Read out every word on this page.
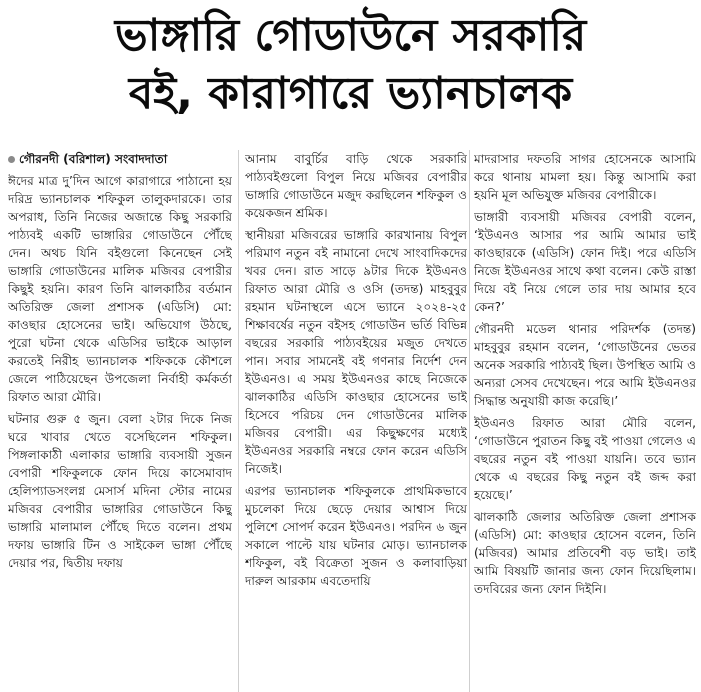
ভাঙ্গারি গোডাউনে সরকারি
বই, কারাগারে ভ্যানচালক

গৌরনদী (বরিশাল) সংবাদদাতা

ঈদের মাত্র দু’দিন আগে কারাগারে পাঠানো হয় দরিদ্র ভ্যানচালক শফিকুল তালুকদারকে। তার অপরাধ, তিনি নিজের অজান্তে কিছু সরকারি পাঠ্যবই একটি ভাঙ্গারির গোডাউনে পৌঁছে দেন। অথচ যিনি বইগুলো কিনেছেন সেই ভাঙ্গারি গোডাউনের মালিক মজিবর বেপারীর কিছুই হয়নি। কারণ তিনি ঝালকাঠির বর্তমান অতিরিক্ত জেলা প্রশাসক (এডিসি) মো: কাওছার হোসেনের ভাই। অভিযোগ উঠছে, পুরো ঘটনা থেকে এডিসির ভাইকে আড়াল করতেই নিরীহ ভ্যানচালক শফিককে কৌশলে জেলে পাঠিয়েছেন উপজেলা নির্বাহী কর্মকর্তা রিফাত আরা মৌরি।

ঘটনার গুরু ৫ জুন। বেলা ২টার দিকে নিজ ঘরে খাবার খেতে বসেছিলেন শফিকুল। পিঙ্গলাকাঠী এলাকার ভাঙ্গারি ব্যবসায়ী সুজন বেপারী শফিকুলকে ফোন দিয়ে কাসেমাবাদ হেলিপ্যাডসংলগ্ন মেসার্স মদিনা স্টোর নামের মজিবর বেপারীর ভাঙ্গারির গোডাউনে কিছু ভাঙ্গারি মালামাল পৌঁছে দিতে বলেন। প্রথম দফায় ভাঙ্গারি টিন ও সাইকেল ভাঙ্গা পৌঁছে দেয়ার পর, দ্বিতীয় দফায়

আনাম বাবুর্চির বাড়ি থেকে সরকারি পাঠ্যবইগুলো বিপুল নিয়ে মজিবর বেপারীর ভাঙ্গারি গোডাউনে মজুদ করছিলেন শফিকুল ও কয়েকজন শ্রমিক।

স্থানীয়রা মজিবরের ভাঙ্গারি কারখানায় বিপুল পরিমাণ নতুন বই নামানো দেখে সাংবাদিকদের খবর দেন। রাত সাড়ে ৯টার দিকে ইউএনও রিফাত আরা মৌরি ও ওসি (তদন্ত) মাহবুবুর রহমান ঘটনাস্থলে এসে ভ্যানে ২০২৪-২৫ শিক্ষাবর্ষের নতুন বইসহ গোডাউন ভর্তি বিভিন্ন বছরের সরকারি পাঠ্যবইয়ের মজুত দেখতে পান। সবার সামনেই বই গণনার নির্দেশ দেন ইউএনও। এ সময় ইউএনওর কাছে নিজেকে ঝালকাঠির এডিসি কাওছার হোসেনের ভাই হিসেবে পরিচয় দেন গোডাউনের মালিক মজিবর বেপারী। এর কিছুক্ষণের মধ্যেই ইউএনওর সরকারি নম্বরে ফোন করেন এডিসি নিজেই।

এরপর ভ্যানচালক শফিকুলকে প্রাথমিকভাবে মুচলেকা দিয়ে ছেড়ে দেয়ার আশ্বাস দিয়ে পুলিশে সোপর্দ করেন ইউএনও। পরদিন ৬ জুন সকালে পাল্টে যায় ঘটনার মোড়। ভ্যানচালক শফিকুল, বই বিক্রেতা সুজন ও কলাবাড়িয়া দারুল আরকাম এবতেদায়ি

মাদরাসার দফতরি সাগর হোসেনকে আসামি করে থানায় মামলা হয়। কিন্তু আসামি করা হয়নি মূল অভিযুক্ত মজিবর বেপারীকে।

ভাঙ্গারী ব্যবসায়ী মজিবর বেপারী বলেন, ‘ইউএনও আসার পর আমি আমার ভাই কাওছারকে (এডিসি) ফোন দিই। পরে এডিসি নিজে ইউএনওর সাথে কথা বলেন। কেউ রাস্তা দিয়ে বই নিয়ে গেলে তার দায় আমার হবে কেন?’

গৌরনদী মডেল থানার পরিদর্শক (তদন্ত) মাহবুবুর রহমান বলেন, ‘গোডাউনের ভেতর অনেক সরকারি পাঠ্যবই ছিল। উপস্থিত আমি ও অন্যরা সেসব দেখেছেন। পরে আমি ইউএনওর সিদ্ধান্ত অনুযায়ী কাজ করেছি।’

ইউএনও রিফাত আরা মৌরি বলেন, ‘গোডাউনে পুরাতন কিছু বই পাওয়া গেলেও এ বছরের নতুন বই পাওয়া যায়নি। তবে ভ্যান থেকে এ বছরের কিছু নতুন বই জব্দ করা হয়েছে।’

ঝালকাঠি জেলার অতিরিক্ত জেলা প্রশাসক (এডিসি) মো: কাওছার হোসেন বলেন, তিনি (মজিবর) আমার প্রতিবেশী বড় ভাই। তাই আমি বিষয়টি জানার জন্য ফোন দিয়েছিলাম। তদবিরের জন্য ফোন দিইনি।
